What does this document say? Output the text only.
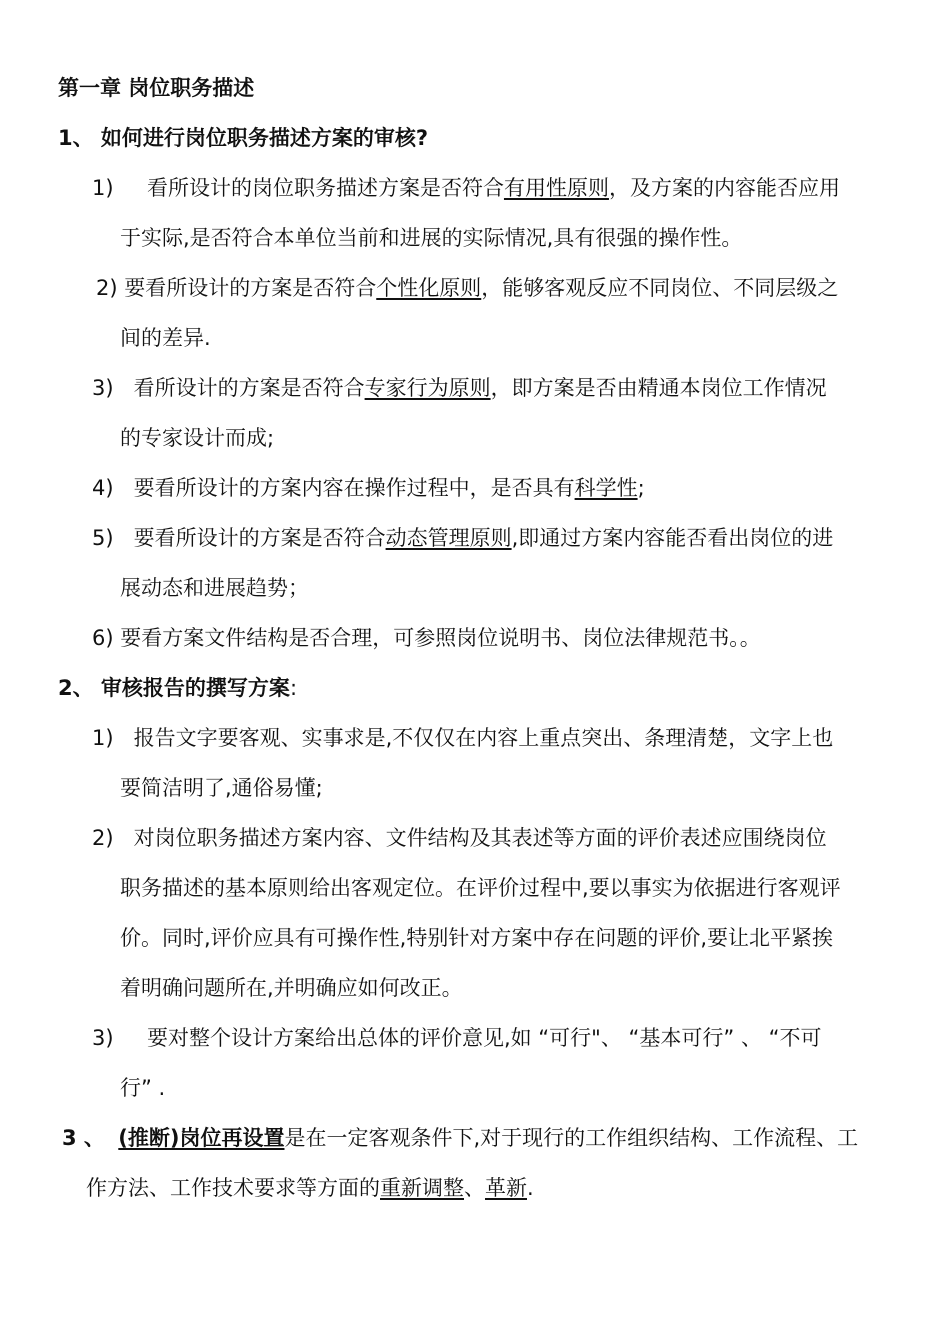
第一章 岗位职务描述
1、 如何进行岗位职务描述方案的审核?
1) 看所设计的岗位职务描述方案是否符合有用性原则，及方案的内容能否应用
于实际,是否符合本单位当前和进展的实际情况,具有很强的操作性。
2) 要看所设计的方案是否符合个性化原则，能够客观反应不同岗位、不同层级之
间的差异.
3) 看所设计的方案是否符合专家行为原则，即方案是否由精通本岗位工作情况
的专家设计而成;
4) 要看所设计的方案内容在操作过程中，是否具有科学性;
5) 要看所设计的方案是否符合动态管理原则,即通过方案内容能否看出岗位的进
展动态和进展趋势；
6) 要看方案文件结构是否合理，可参照岗位说明书、岗位法律规范书。。
2、 审核报告的撰写方案:
1) 报告文字要客观、实事求是,不仅仅在内容上重点突出、条理清楚，文字上也
要简洁明了,通俗易懂;
2) 对岗位职务描述方案内容、文件结构及其表述等方面的评价表述应围绕岗位
职务描述的基本原则给出客观定位。在评价过程中,要以事实为依据进行客观评
价。同时,评价应具有可操作性,特别针对方案中存在问题的评价,要让北平紧挨
着明确问题所在,并明确应如何改正。
3) 要对整个设计方案给出总体的评价意见,如 “可行"、 “基本可行” 、 “不可
行” .
3 、 (推断)岗位再设置是在一定客观条件下,对于现行的工作组织结构、工作流程、工
作方法、工作技术要求等方面的重新调整、革新.
